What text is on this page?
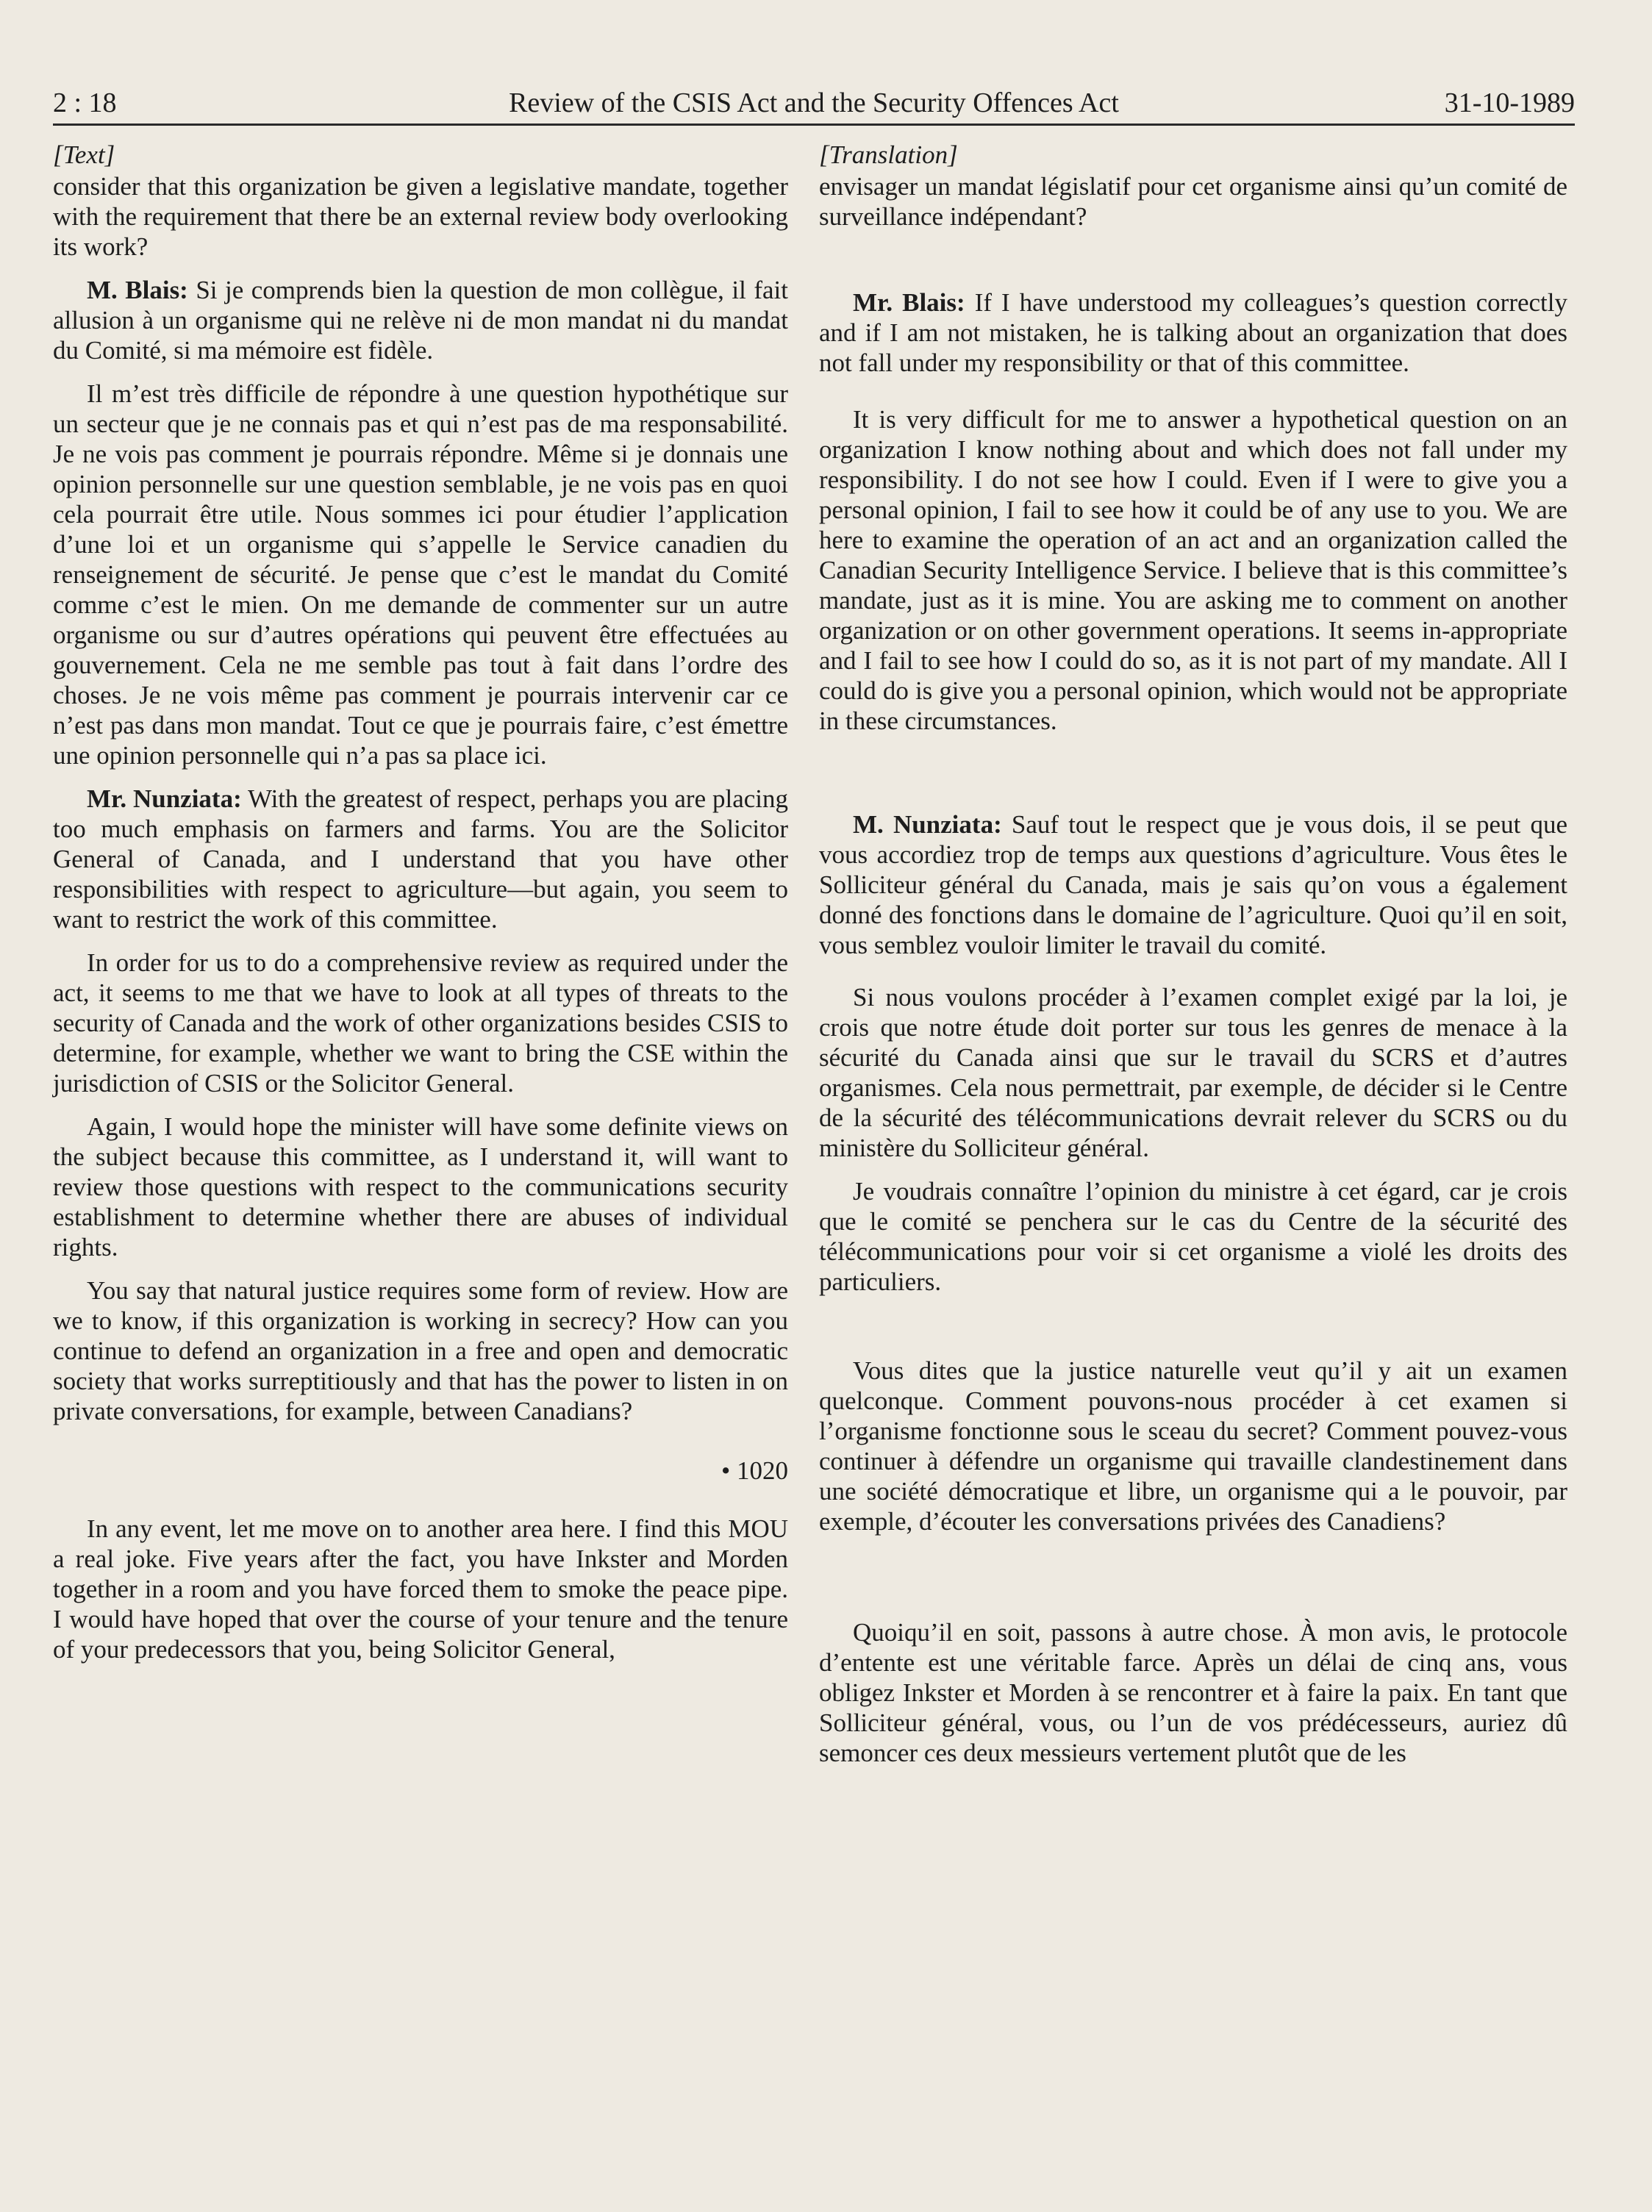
2 : 18	Review of the CSIS Act and the Security Offences Act	31-10-1989
[Text]

consider that this organization be given a legislative mandate, together with the requirement that there be an external review body overlooking its work?

M. Blais: Si je comprends bien la question de mon collègue, il fait allusion à un organisme qui ne relève ni de mon mandat ni du mandat du Comité, si ma mémoire est fidèle.

Il m’est très difficile de répondre à une question hypothétique sur un secteur que je ne connais pas et qui n’est pas de ma responsabilité. Je ne vois pas comment je pourrais répondre. Même si je donnais une opinion personnelle sur une question semblable, je ne vois pas en quoi cela pourrait être utile. Nous sommes ici pour étudier l’application d’une loi et un organisme qui s’appelle le Service canadien du renseignement de sécurité. Je pense que c’est le mandat du Comité comme c’est le mien. On me demande de commenter sur un autre organisme ou sur d’autres opérations qui peuvent être effectuées au gouvernement. Cela ne me semble pas tout à fait dans l’ordre des choses. Je ne vois même pas comment je pourrais intervenir car ce n’est pas dans mon mandat. Tout ce que je pourrais faire, c’est émettre une opinion personnelle qui n’a pas sa place ici.

Mr. Nunziata: With the greatest of respect, perhaps you are placing too much emphasis on farmers and farms. You are the Solicitor General of Canada, and I understand that you have other responsibilities with respect to agriculture—but again, you seem to want to restrict the work of this committee.

In order for us to do a comprehensive review as required under the act, it seems to me that we have to look at all types of threats to the security of Canada and the work of other organizations besides CSIS to determine, for example, whether we want to bring the CSE within the jurisdiction of CSIS or the Solicitor General.

Again, I would hope the minister will have some definite views on the subject because this committee, as I understand it, will want to review those questions with respect to the communications security establishment to determine whether there are abuses of individual rights.

You say that natural justice requires some form of review. How are we to know, if this organization is working in secrecy? How can you continue to defend an organization in a free and open and democratic society that works surreptitiously and that has the power to listen in on private conversations, for example, between Canadians?

• 1020

In any event, let me move on to another area here. I find this MOU a real joke. Five years after the fact, you have Inkster and Morden together in a room and you have forced them to smoke the peace pipe. I would have hoped that over the course of your tenure and the tenure of your predecessors that you, being Solicitor General,

[Translation]

envisager un mandat législatif pour cet organisme ainsi qu’un comité de surveillance indépendant?

Mr. Blais: If I have understood my colleagues’s question correctly and if I am not mistaken, he is talking about an organization that does not fall under my responsibility or that of this committee.

It is very difficult for me to answer a hypothetical question on an organization I know nothing about and which does not fall under my responsibility. I do not see how I could. Even if I were to give you a personal opinion, I fail to see how it could be of any use to you. We are here to examine the operation of an act and an organization called the Canadian Security Intelligence Service. I believe that is this committee’s mandate, just as it is mine. You are asking me to comment on another organization or on other government operations. It seems in-appropriate and I fail to see how I could do so, as it is not part of my mandate. All I could do is give you a personal opinion, which would not be appropriate in these circumstances.

M. Nunziata: Sauf tout le respect que je vous dois, il se peut que vous accordiez trop de temps aux questions d’agriculture. Vous êtes le Solliciteur général du Canada, mais je sais qu’on vous a également donné des fonctions dans le domaine de l’agriculture. Quoi qu’il en soit, vous semblez vouloir limiter le travail du comité.

Si nous voulons procéder à l’examen complet exigé par la loi, je crois que notre étude doit porter sur tous les genres de menace à la sécurité du Canada ainsi que sur le travail du SCRS et d’autres organismes. Cela nous permettrait, par exemple, de décider si le Centre de la sécurité des télécommunications devrait relever du SCRS ou du ministère du Solliciteur général.

Je voudrais connaître l’opinion du ministre à cet égard, car je crois que le comité se penchera sur le cas du Centre de la sécurité des télécommunications pour voir si cet organisme a violé les droits des particuliers.

Vous dites que la justice naturelle veut qu’il y ait un examen quelconque. Comment pouvons-nous procéder à cet examen si l’organisme fonctionne sous le sceau du secret? Comment pouvez-vous continuer à défendre un organisme qui travaille clandestinement dans une société démocratique et libre, un organisme qui a le pouvoir, par exemple, d’écouter les conversations privées des Canadiens?

Quoiqu’il en soit, passons à autre chose. À mon avis, le protocole d’entente est une véritable farce. Après un délai de cinq ans, vous obligez Inkster et Morden à se rencontrer et à faire la paix. En tant que Solliciteur général, vous, ou l’un de vos prédécesseurs, auriez dû semoncer ces deux messieurs vertement plutôt que de les
